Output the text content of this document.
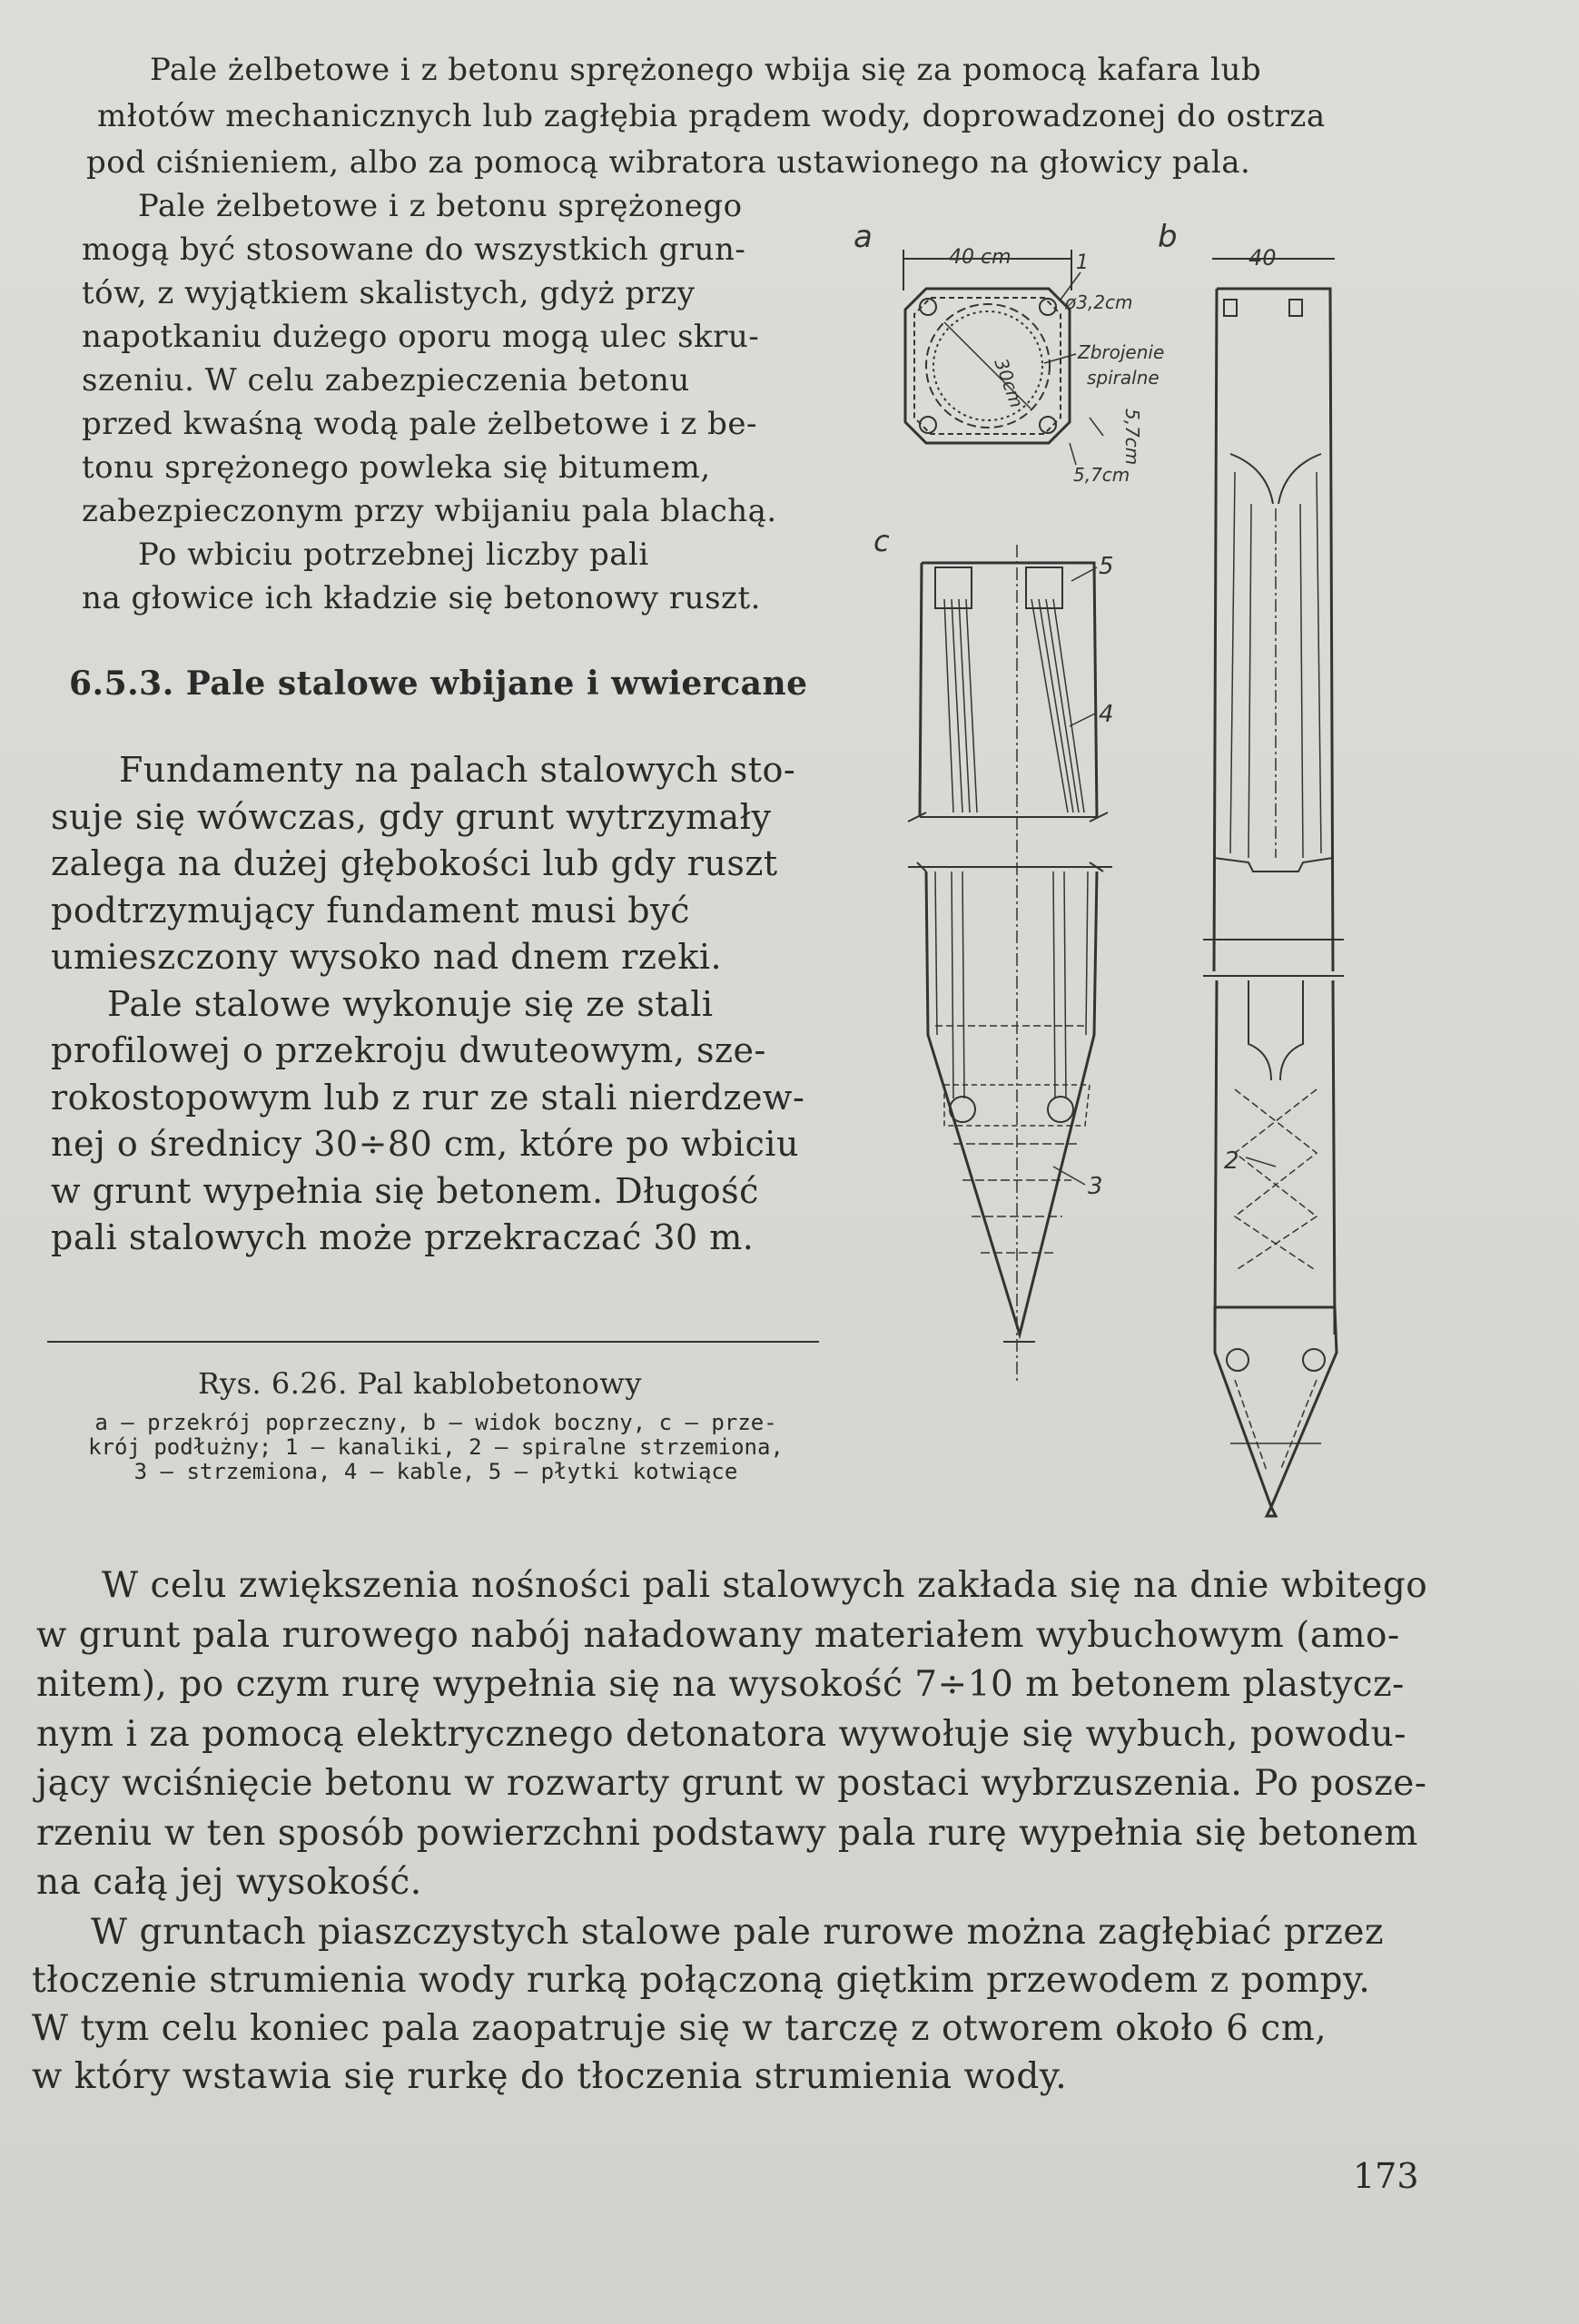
Pale żelbetowe i z betonu sprężonego wbija się za pomocą kafara lub
młotów mechanicznych lub zagłębia prądem wody, doprowadzonej do ostrza
pod ciśnieniem, albo za pomocą wibratora ustawionego na głowicy pala.
Pale żelbetowe i z betonu sprężonego
mogą być stosowane do wszystkich grun-
tów, z wyjątkiem skalistych, gdyż przy
napotkaniu dużego oporu mogą ulec skru-
szeniu. W celu zabezpieczenia betonu
przed kwaśną wodą pale żelbetowe i z be-
tonu sprężonego powleka się bitumem,
zabezpieczonym przy wbijaniu pala blachą.
Po wbiciu potrzebnej liczby pali
na głowice ich kładzie się betonowy ruszt.
6.5.3. Pale stalowe wbijane i wwiercane
Fundamenty na palach stalowych sto-
suje się wówczas, gdy grunt wytrzymały
zalega na dużej głębokości lub gdy ruszt
podtrzymujący fundament musi być
umieszczony wysoko nad dnem rzeki.
Pale stalowe wykonuje się ze stali
profilowej o przekroju dwuteowym, sze-
rokostopowym lub z rur ze stali nierdzew-
nej o średnicy 30÷80 cm, które po wbiciu
w grunt wypełnia się betonem. Długość
pali stalowych może przekraczać 30 m.
Rys. 6.26. Pal kablobetonowy
a — przekrój poprzeczny, b — widok boczny, c — prze-
krój podłużny; 1 — kanaliki, 2 — spiralne strzemiona,
3 — strzemiona, 4 — kable, 5 — płytki kotwiące
a	b
c
40 cm
30cm
1
ø3,2cm
Zbrojenie
spiralne
5,7cm
5,7cm
5
4
3
40
2
W celu zwiększenia nośności pali stalowych zakłada się na dnie wbitego
w grunt pala rurowego nabój naładowany materiałem wybuchowym (amo-
nitem), po czym rurę wypełnia się na wysokość 7÷10 m betonem plastycz-
nym i za pomocą elektrycznego detonatora wywołuje się wybuch, powodu-
jący wciśnięcie betonu w rozwarty grunt w postaci wybrzuszenia. Po posze-
rzeniu w ten sposób powierzchni podstawy pala rurę wypełnia się betonem
na całą jej wysokość.
W gruntach piaszczystych stalowe pale rurowe można zagłębiać przez
tłoczenie strumienia wody rurką połączoną giętkim przewodem z pompy.
W tym celu koniec pala zaopatruje się w tarczę z otworem około 6 cm,
w który wstawia się rurkę do tłoczenia strumienia wody.
173
